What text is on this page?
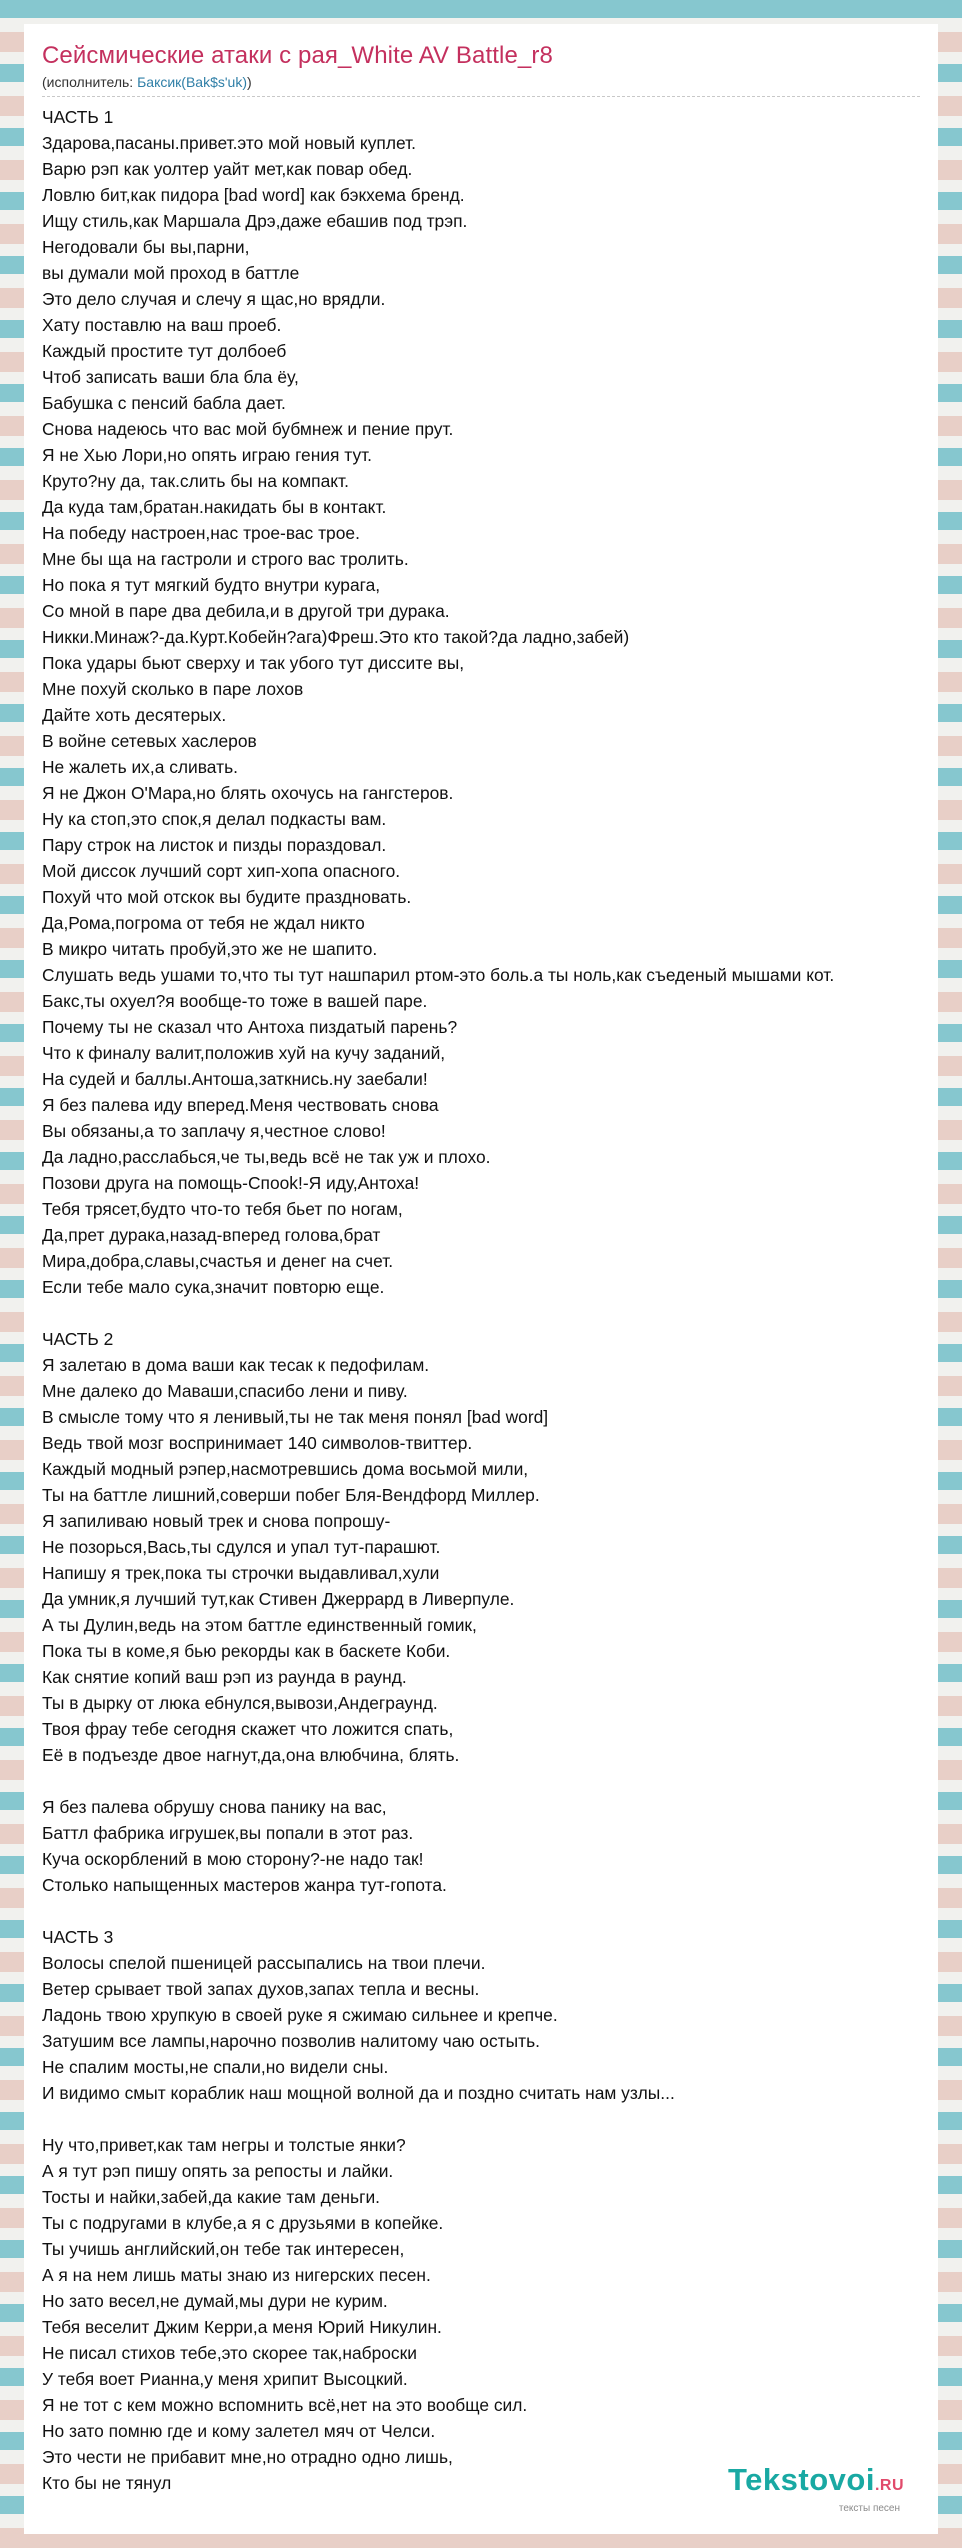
Сейсмические атаки с рая_White AV Battle_r8
(исполнитель: Баксик(Bak$s'uk))
ЧАСТЬ 1
Здарова,пасаны.привет.это мой новый куплет.
Варю рэп как уолтер уайт мет,как повар обед.
Ловлю бит,как пидора [bad word] как бэкхема бренд.
Ищу стиль,как Маршала Дрэ,даже ебашив под трэп.
Негодовали бы вы,парни,
вы думали мой проход в баттле
Это дело случая и слечу я щас,но врядли.
Хату поставлю на ваш проеб.
Каждый простите тут долбоеб
Чтоб записать ваши бла бла ёу,
Бабушка с пенсий бабла дает.
Снова надеюсь что вас мой бубмнеж и пение прут.
Я не Хью Лори,но опять играю гения тут.
Круто?ну да, так.слить бы на компакт.
Да куда там,братан.накидать бы в контакт.
На победу настроен,нас трое-вас трое.
Мне бы ща на гастроли и строго вас тролить.
Но пока я тут мягкий будто внутри курага,
Со мной в паре два дебила,и в другой три дурака.
Никки.Минаж?-да.Курт.Кобейн?ага)Фреш.Это кто такой?да ладно,забей)
Пока удары бьют сверху и так убого тут диссите вы,
Мне похуй сколько в паре лохов
Дайте хоть десятерых.
В войне сетевых хаслеров
Не жалеть их,а сливать.
Я не Джон О'Мара,но блять охочусь на гангстеров.
Ну ка стоп,это спок,я делал подкасты вам.
Пару строк на листок и пизды пораздовал.
Мой диссок лучший сорт хип-хопа опасного.
Похуй что мой отскок вы будите праздновать.
Да,Рома,погрома от тебя не ждал никто
В микро читать пробуй,это же не шапито.
Слушать ведь ушами то,что ты тут нашпарил ртом-это боль.а ты ноль,как съеденый мышами кот.
Бакс,ты охуел?я вообще-то тоже в вашей паре.
Почему ты не сказал что Антоха пиздатый парень?
Что к финалу валит,положив хуй на кучу заданий,
На судей и баллы.Антоша,заткнись.ну заебали!
Я без палева иду вперед.Меня чествовать снова
Вы обязаны,а то заплачу я,честное слово!
Да ладно,расслабься,че ты,ведь всё не так уж и плохо.
Позови друга на помощь-Спook!-Я иду,Антоха!
Тебя трясет,будто что-то тебя бьет по ногам,
Да,прет дурака,назад-вперед голова,брат
Мира,добра,славы,счастья и денег на счет.
Если тебе мало сука,значит повторю еще.

ЧАСТЬ 2
Я залетаю в дома ваши как тесак к педофилам.
Мне далеко до Маваши,спасибо лени и пиву.
В смысле тому что я ленивый,ты не так меня понял [bad word]
Ведь твой мозг воспринимает 140 символов-твиттер.
Каждый модный рэпер,насмотревшись дома восьмой мили,
Ты на баттле лишний,соверши побег Бля-Вендфорд Миллер.
Я запиливаю новый трек и снова попрошу-
Не позорься,Вась,ты сдулся и упал тут-парашют.
Напишу я трек,пока ты строчки выдавливал,хули
Да умник,я лучший тут,как Стивен Джеррард в Ливерпуле.
А ты Дулин,ведь на этом баттле единственный гомик,
Пока ты в коме,я бью рекорды как в баскете Коби.
Как снятие копий ваш рэп из раунда в раунд.
Ты в дырку от люка ебнулся,вывози,Андеграунд.
Твоя фрау тебе сегодня скажет что ложится спать,
Её в подъезде двое нагнут,да,она влюбчина, блять.

Я без палева обрушу снова панику на вас,
Баттл фабрика игрушек,вы попали в этот раз.
Куча оскорблений в мою сторону?-не надо так!
Столько напыщенных мастеров жанра тут-гопота.

ЧАСТЬ 3
Волосы спелой пшеницей рассыпались на твои плечи.
Ветер срывает твой запах духов,запах тепла и весны.
Ладонь твою хрупкую в своей руке я сжимаю сильнее и крепче.
Затушим все лампы,нарочно позволив налитому чаю остыть.
Не спалим мосты,не спали,но видели сны.
И видимо смыт кораблик наш мощной волной да и поздно считать нам узлы...

Ну что,привет,как там негры и толстые янки?
А я тут рэп пишу опять за репосты и лайки.
Тосты и найки,забей,да какие там деньги.
Ты с подругами в клубе,а я с друзьями в копейке.
Ты учишь английский,он тебе так интересен,
А я на нем лишь маты знаю из нигерских песен.
Но зато весел,не думай,мы дури не курим.
Тебя веселит Джим Керри,а меня Юрий Никулин.
Не писал стихов тебе,это скорее так,наброски
У тебя воет Рианна,у меня хрипит Высоцкий.
Я не тот с кем можно вспомнить всё,нет на это вообще сил.
Но зато помню где и кому залетел мяч от Челси.
Это чести не прибавит мне,но отрадно одно лишь,
Кто бы не тянул	Tekstovoi.RU
тексты песен
